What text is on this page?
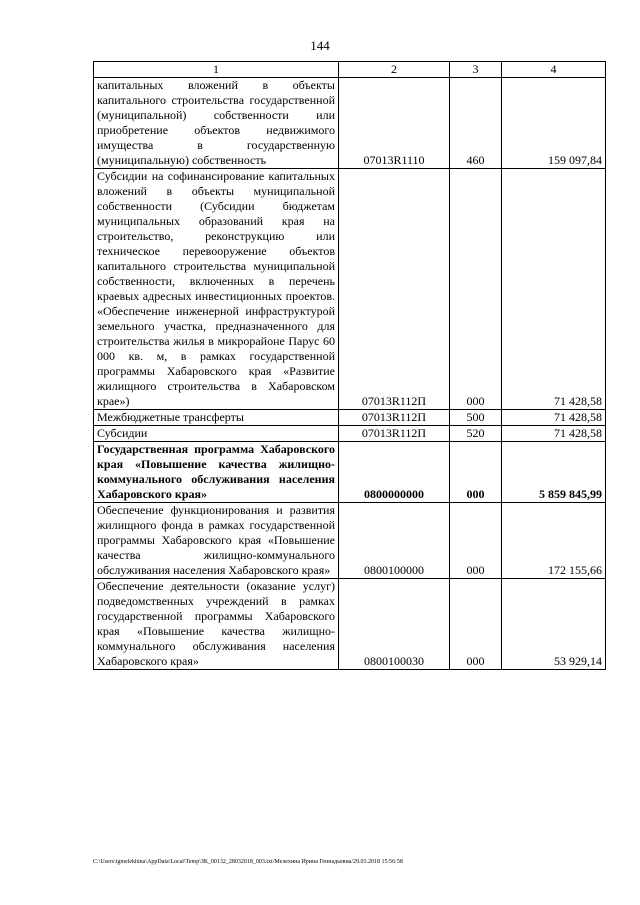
144
1	2	3	4
капитальных вложений в объекты капитального строительства государственной (муниципальной) собственности или приобретение объектов недвижимого имущества в государственную (муниципальную) собственность	07013R1110	460	159 097,84
Субсидии на софинансирование капитальных вложений в объекты муниципальной собственности (Субсидии бюджетам муниципальных образований края на строительство, реконструкцию или техническое перевооружение объектов капитального строительства муниципальной собственности, включенных в перечень краевых адресных инвестиционных проектов. «Обеспечение инженерной инфраструктурой земельного участка, предназначенного для строительства жилья в микрорайоне Парус 60 000 кв. м, в рамках государственной программы Хабаровского края «Развитие жилищного строительства в Хабаровском крае»)	07013R112П	000	71 428,58
Межбюджетные трансферты	07013R112П	500	71 428,58
Субсидии	07013R112П	520	71 428,58
Государственная программа Хабаровского края «Повышение качества жилищно-коммунального обслуживания населения Хабаровского края»	0800000000	000	5 859 845,99
Обеспечение функционирования и развития жилищного фонда в рамках государственной программы Хабаровского края «Повышение качества жилищно-коммунального обслуживания населения Хабаровского края»	0800100000	000	172 155,66
Обеспечение деятельности (оказание услуг) подведомственных учреждений в рамках государственной программы Хабаровского края «Повышение качества жилищно-коммунального обслуживания населения Хабаровского края»	0800100030	000	53 929,14
C:\Users\igmelekhina\AppData\Local\Temp\ЗК_00132_28032018_003.txt/Мелехина Ирина Геннадьевна/29.03.2018 15:56:58
